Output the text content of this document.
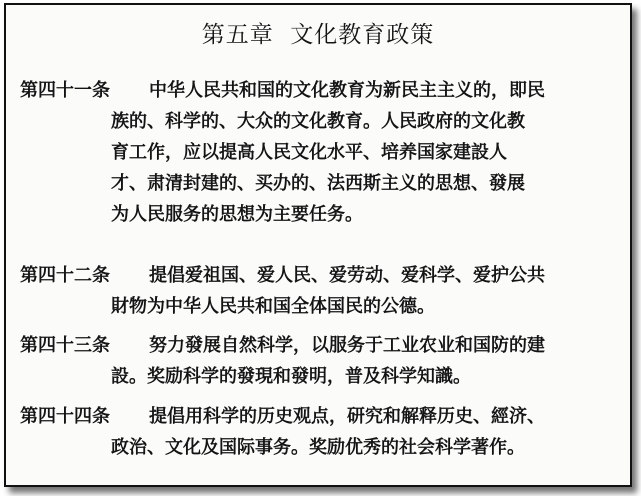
第五章  文化教育政策
第四十一条 中华人民共和国的文化教育为新民主主义的，即民
族的、科学的、大众的文化教育。人民政府的文化教
育工作，应以提高人民文化水平、培养国家建設人
才、肃清封建的、买办的、法西斯主义的思想、發展
为人民服务的思想为主要任务。
第四十二条 提倡爱祖国、爱人民、爱劳动、爱科学、爱护公共
財物为中华人民共和国全体国民的公德。
第四十三条 努力發展自然科学，以服务于工业农业和国防的建
設。奖励科学的發現和發明，普及科学知識。
第四十四条 提倡用科学的历史观点，研究和解释历史、經济、
政治、文化及国际事务。奖励优秀的社会科学著作。
